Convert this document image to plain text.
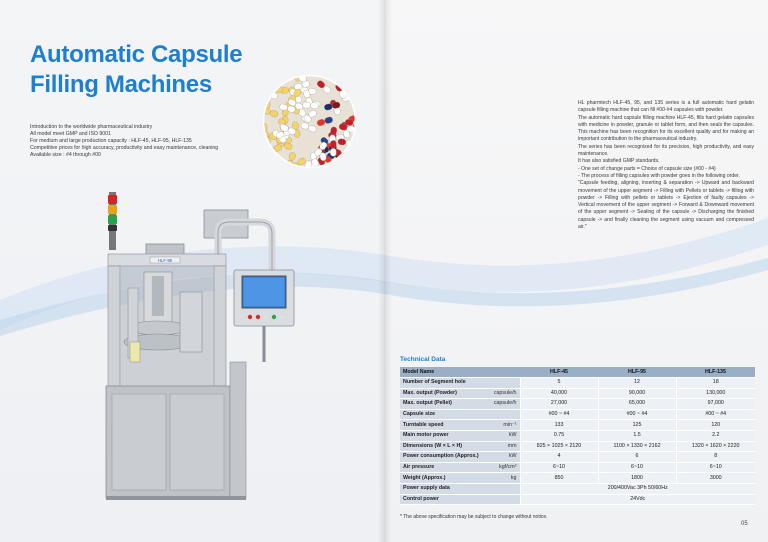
Automatic Capsule
Filling Machines
Introduction to the worldwide pharmaceutical industry
All model meet GMP and ISO 9001
For medium and large production capacity : HLF-45, HLF-95, HLF-135
Competitive prices for high accuracy, productivity and easy maintenance, cleaning
Available size : #4 through #00
HLF-95

HL pharmtech HLF-45, 95, and 135 series is a full automatic hard gelatin capsule filling machine that can fill #00-#4 capsules with powder.

The automatic hard capsule filling machine HLF-45, fills hard gelatin capsules with medicine in powder, granule or tablet form, and then seals the capsules. This machine has been recognition for its excellent quality and for making an important contribution to the pharmaceutical industry.

The series has been recognized for its precision, high productivity, and easy maintenance.

It has also satisfied GMP standards.

- One set of change parts = Choice of capsule size (#00 - #4)

- The process of filling capsules with powder goes in the following order.

"Capsule feeding, aligning, inserting & separation -> Upward and backward movement of the upper segment -> Filling with Pellets or tablets -> filling with powder -> Filling with pellets or tablets -> Ejection of faulty capsules -> Vertical movement of the upper segment -> Forward & Downward movement of the upper segment -> Sealing of the capsule -> Discharging the finished capsule -> and finally cleaning the segment using vacuum and compressed air."

Technical Data
Model Name		HLF-45	HLF-95	HLF-135
Number of Segment hole		5	12	18
Max. output (Powder)	capsule/h	40,000	90,000	130,000
Max. output (Pellet)	capsule/h	27,000	65,000	97,000
Capsule size		#00 ~ #4	#00 ~ #4	#00 ~ #4
Turntable speed	min⁻¹	133	125	120
Main motor power	kW	0.75	1.5	2.2
Dimensions (W × L × H)	mm	825 × 1025 × 2120	1100 × 1330 × 2162	1320 × 1620 × 2220
Power consumption (Approx.)	kW	4	6	8
Air pressure	kgf/cm²	6~10	6~10	6~10
Weight (Approx.)	kg	850	1800	3000
Power supply data		200/400Vac 3Ph 50/60Hz		
Control power		24Vdc		
* The above specification may be subject to change without notice.
05
